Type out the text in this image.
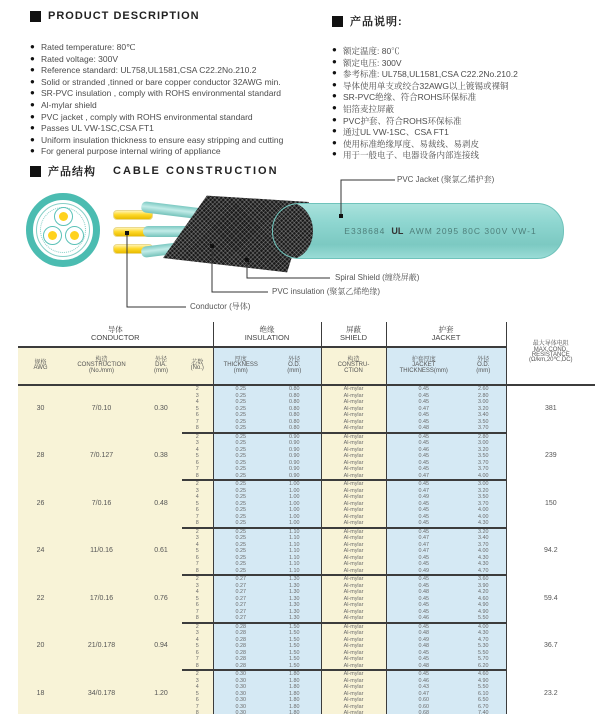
PRODUCT DESCRIPTION	产品说明:
● Rated temperature: 80℃
● Rated voltage: 300V
● Reference standard: UL758,UL1581,CSA C22.2No.210.2
● Solid or stranded ,tinned or bare copper conductor 32AWG min.
● SR-PVC insulation , comply with ROHS environmental standard
● Al-mylar shield
● PVC jacket , comply with ROHS environmental standard
● Passes UL VW-1SC,CSA FT1
● Uniform insulation thickness to ensure easy stripping and cutting
● For general purpose internal wiring of appliance
● 额定温度: 80℃
● 额定电压: 300V
● 参考标准: UL758,UL1581,CSA C22.2No.210.2
● 导体使用单支或绞合32AWG以上镀锡或裸铜
● SR-PVC绝缘、符合ROHS环保标准
● 铝箔麦拉屏蔽
● PVC护套、符合ROHS环保标准
● 通过UL VW-1SC、CSA FT1
● 使用标准绝缘厚度、易裁线、易剥皮
● 用于一般电子、电器设备内部连接线
产品结构 CABLE CONSTRUCTION
E338684 UL AWM 2095 80C 300V VW-1
PVC Jacket (聚氯乙烯护套)
Spiral Shield (缠绕屏蔽)
PVC insulation (聚氯乙烯绝缘)
Conductor (导体)
导体
CONDUCTOR

绝缘
INSULATION

屏蔽
SHIELD

护套
JACKET

最大导体电阻
MAX.COND.
RESISTANCE
(Ω/km,20℃,DC)

规格
AWG

构造
CONSTRUCTION
(No./mm)

外径
DIA.
(mm)

芯数
(No.)

厚度
THICKNESS
(mm)

外径
O.D.
(mm)

构造
CONSTRU-
CTION

护套厚度
JACKET
THICKNESS(mm)

外径
O.D.
(mm)

30	7/0.10	0.30	2	0.25	0.80	Al-mylar	0.45	2.60	381
			3	0.25	0.80	Al-mylar	0.45	2.80	
			4	0.25	0.80	Al-mylar	0.45	3.00	
			5	0.25	0.80	Al-mylar	0.47	3.20	
			6	0.25	0.80	Al-mylar	0.45	3.40	
			7	0.25	0.80	Al-mylar	0.45	3.50	
			8	0.25	0.80	Al-mylar	0.48	3.70	
28	7/0.127	0.38	2	0.25	0.90	Al-mylar	0.45	2.80	239
			3	0.25	0.90	Al-mylar	0.45	3.00	
			4	0.25	0.90	Al-mylar	0.46	3.20	
			5	0.25	0.90	Al-mylar	0.45	3.50	
			6	0.25	0.90	Al-mylar	0.45	3.70	
			7	0.25	0.90	Al-mylar	0.45	3.70	
			8	0.25	0.90	Al-mylar	0.47	4.00	
26	7/0.16	0.48	2	0.25	1.00	Al-mylar	0.45	3.00	150
			3	0.25	1.00	Al-mylar	0.47	3.20	
			4	0.25	1.00	Al-mylar	0.49	3.50	
			5	0.25	1.00	Al-mylar	0.45	3.70	
			6	0.25	1.00	Al-mylar	0.45	4.00	
			7	0.25	1.00	Al-mylar	0.45	4.00	
			8	0.25	1.00	Al-mylar	0.45	4.30	
24	11/0.16	0.61	2	0.25	1.10	Al-mylar	0.45	3.20	94.2
			3	0.25	1.10	Al-mylar	0.47	3.40	
			4	0.25	1.10	Al-mylar	0.47	3.70	
			5	0.25	1.10	Al-mylar	0.47	4.00	
			6	0.25	1.10	Al-mylar	0.45	4.30	
			7	0.25	1.10	Al-mylar	0.45	4.30	
			8	0.25	1.10	Al-mylar	0.49	4.70	
22	17/0.16	0.76	2	0.27	1.30	Al-mylar	0.45	3.60	59.4
			3	0.27	1.30	Al-mylar	0.45	3.90	
			4	0.27	1.30	Al-mylar	0.48	4.20	
			5	0.27	1.30	Al-mylar	0.45	4.60	
			6	0.27	1.30	Al-mylar	0.45	4.90	
			7	0.27	1.30	Al-mylar	0.45	4.90	
			8	0.27	1.30	Al-mylar	0.46	5.50	
20	21/0.178	0.94	2	0.28	1.50	Al-mylar	0.45	4.00	36.7
			3	0.28	1.50	Al-mylar	0.48	4.30	
			4	0.28	1.50	Al-mylar	0.49	4.70	
			5	0.28	1.50	Al-mylar	0.48	5.30	
			6	0.28	1.50	Al-mylar	0.45	5.50	
			7	0.28	1.50	Al-mylar	0.45	5.70	
			8	0.28	1.50	Al-mylar	0.48	6.20	
18	34/0.178	1.20	2	0.30	1.80	Al-mylar	0.45	4.60	23.2
			3	0.30	1.80	Al-mylar	0.46	4.90	
			4	0.30	1.80	Al-mylar	0.43	5.50	
			5	0.30	1.80	Al-mylar	0.47	6.10	
			6	0.30	1.80	Al-mylar	0.60	6.50	
			7	0.30	1.80	Al-mylar	0.60	6.70	
			8	0.30	1.80	Al-mylar	0.68	7.40	
